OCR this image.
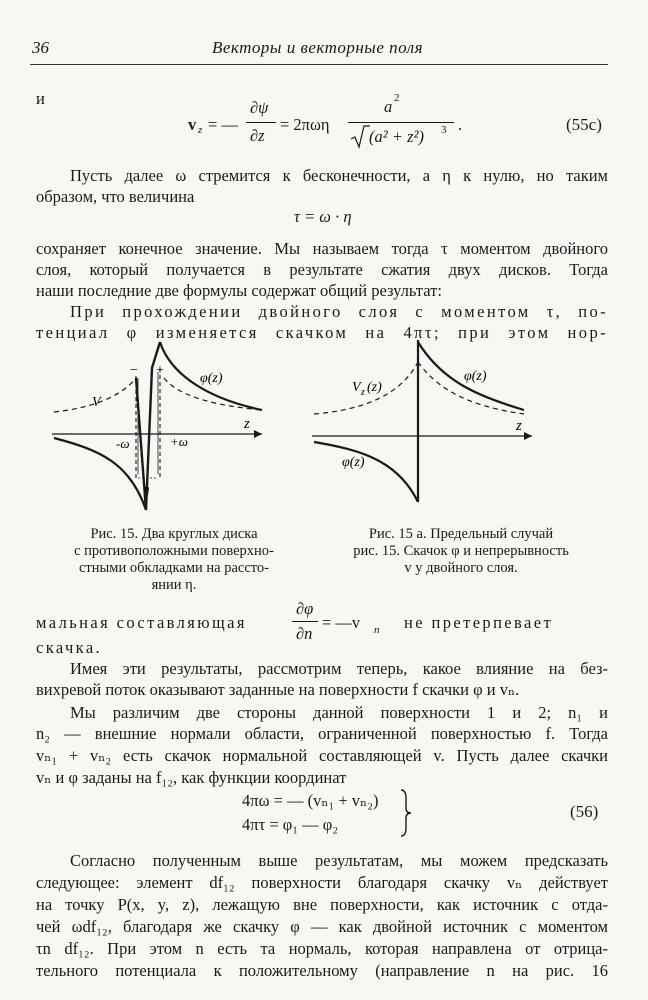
36	Векторы и векторные поля
и
v z = —
∂ψ
∂z
= 2πωη
a 2
(a² + z²) 3 .	(55c)
Пусть далее ω стремится к бесконечности, а η к нулю, но таким
образом, что величина
τ = ω · η
сохраняет конечное значение. Мы называем тогда τ моментом двойного
слоя, который получается в результате сжатия двух дисков. Тогда
наши последние две формулы содержат общий результат:
При прохождении двойного слоя с моментом τ, по-
тенциал φ изменяется скачком на 4πτ; при этом нор-
η
φ(z)
V
− +
-ω	+ω
z
φ(z)
V z (z)
φ(z)
z
Рис. 15. Два круглых диска
с противоположными поверхно-
стными обкладками на рассто-
янии η.
Рис. 15 а. Предельный случай
рис. 15. Скачок φ и непрерывность
v у двойного слоя.
мальная составляющая
∂φ
∂n
= —v n не претерпевает
скачка.
Имея эти результаты, рассмотрим теперь, какое влияние на без-
вихревой поток оказывают заданные на поверхности f скачки φ и vₙ.
Мы различим две стороны данной поверхности 1 и 2; n₁ и
n₂ — внешние нормали области, ограниченной поверхностью f. Тогда
vₙ₁ + vₙ₂ есть скачок нормальной составляющей v. Пусть далее скачки
vₙ и φ заданы на f₁₂, как функции координат
4πω = — (vₙ₁ + vₙ₂)
4πτ = φ₁ — φ₂
(56)
Согласно полученным выше результатам, мы можем предсказать
следующее: элемент df₁₂ поверхности благодаря скачку vₙ действует
на точку P(x, y, z), лежащую вне поверхности, как источник с отда-
чей ωdf₁₂, благодаря же скачку φ — как двойной источник с моментом
τn df₁₂. При этом n есть та нормаль, которая направлена от отрица-
тельного потенциала к положительному (направление n на рис. 16
